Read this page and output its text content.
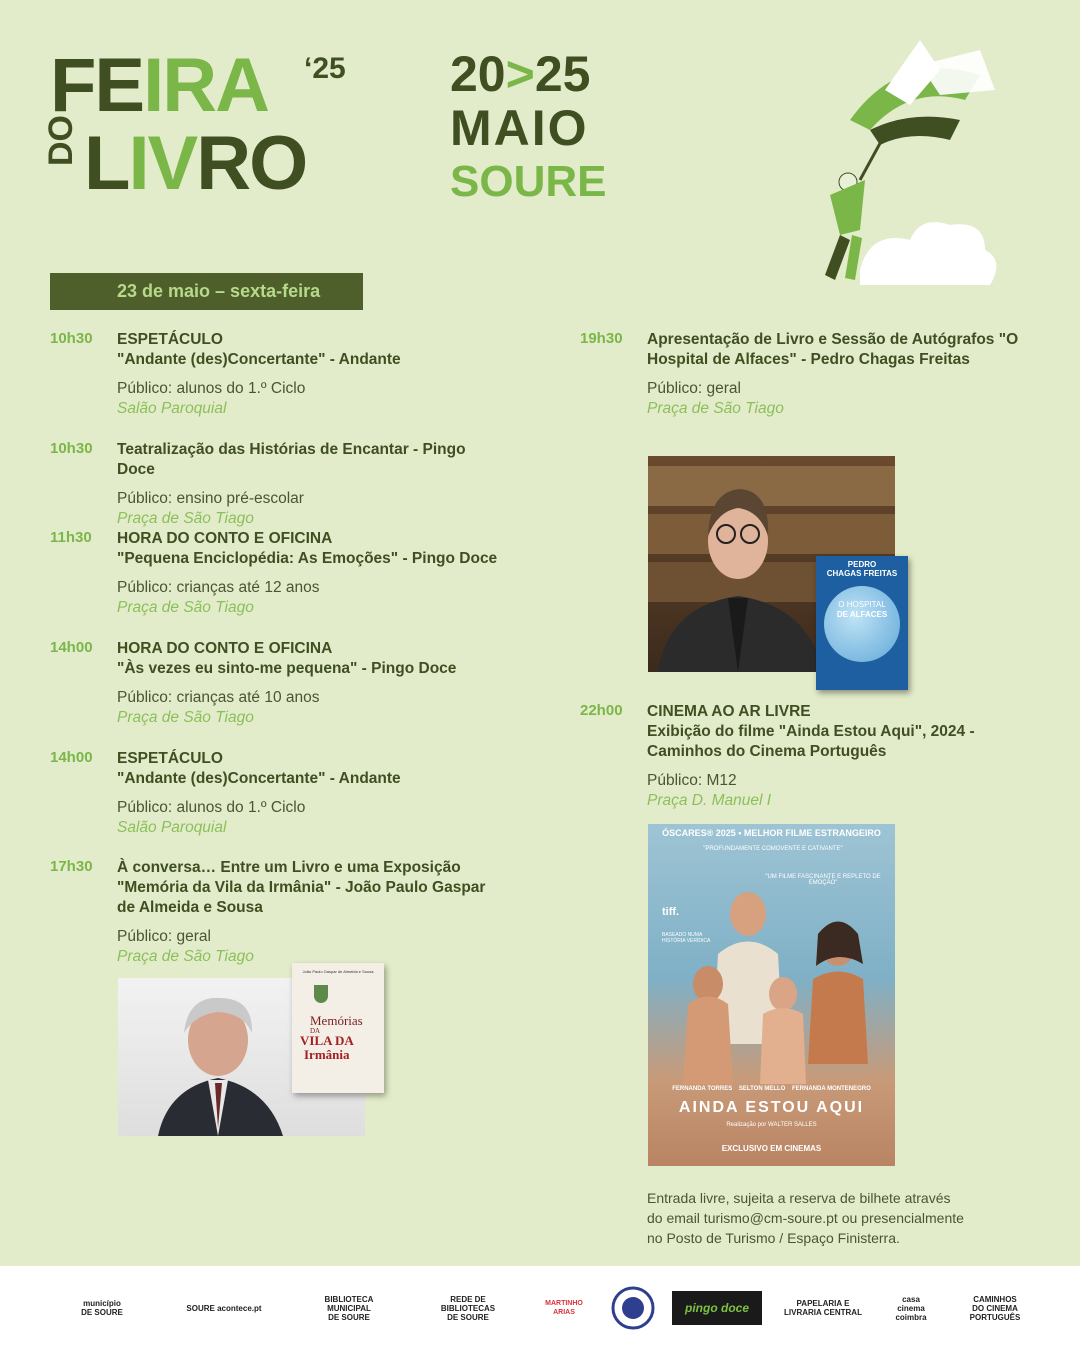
FEIRA ‘25
DO LIVRO
20>25
MAIO
SOURE
23 de maio – sexta-feira
10h30 ESPETÁCULO
"Andante (des)Concertante" - Andante
Público: alunos do 1.º Ciclo
Salão Paroquial
10h30 Teatralização das Histórias de Encantar - Pingo Doce
Público: ensino pré-escolar
Praça de São Tiago
11h30 HORA DO CONTO E OFICINA
"Pequena Enciclopédia: As Emoções" - Pingo Doce
Público: crianças até 12 anos
Praça de São Tiago
14h00 HORA DO CONTO E OFICINA
"Às vezes eu sinto-me pequena" - Pingo Doce
Público: crianças até 10 anos
Praça de São Tiago
14h00 ESPETÁCULO
"Andante (des)Concertante" - Andante
Público: alunos do 1.º Ciclo
Salão Paroquial
17h30 À conversa… Entre um Livro e uma Exposição "Memória da Vila da Irmânia" - João Paulo Gaspar de Almeida e Sousa
Público: geral
Praça de São Tiago
19h30 Apresentação de Livro e Sessão de Autógrafos "O Hospital de Alfaces" - Pedro Chagas Freitas
Público: geral
Praça de São Tiago
22h00 CINEMA AO AR LIVRE
Exibição do filme "Ainda Estou Aqui", 2024 - Caminhos do Cinema Português
Público: M12
Praça D. Manuel I
João Paulo Gaspar de Almeida e Sousa
Memórias
DA
VILA DA
Irmânia
PEDRO
CHAGAS FREITAS
O HOSPITAL
DE ALFACES
ÓSCARES® 2025 • MELHOR FILME ESTRANGEIRO
"PROFUNDAMENTE COMOVENTE E CATIVANTE"
"UM FILME FASCINANTE E REPLETO DE EMOÇÃO"
tiff.
BASEADO NUMA
HISTÓRIA VERÍDICA
FERNANDA TORRES    SELTON MELLO    FERNANDA MONTENEGRO
AINDA ESTOU AQUI
Realização por WALTER SALLES
EXCLUSIVO EM CINEMAS
Entrada livre, sujeita a reserva de bilhete através do email turismo@cm-soure.pt ou presencialmente no Posto de Turismo / Espaço Finisterra.
município
DE SOURE	SOURE acontece.pt
BIBLIOTECA
MUNICIPAL
DE SOURE
REDE DE
BIBLIOTECAS
DE SOURE
MARTINHO ARIAS	pingo doce	PAPELARIA E LIVRARIA CENTRAL
casa
cinema
coimbra
CAMINHOS
DO CINEMA
PORTUGUÊS
